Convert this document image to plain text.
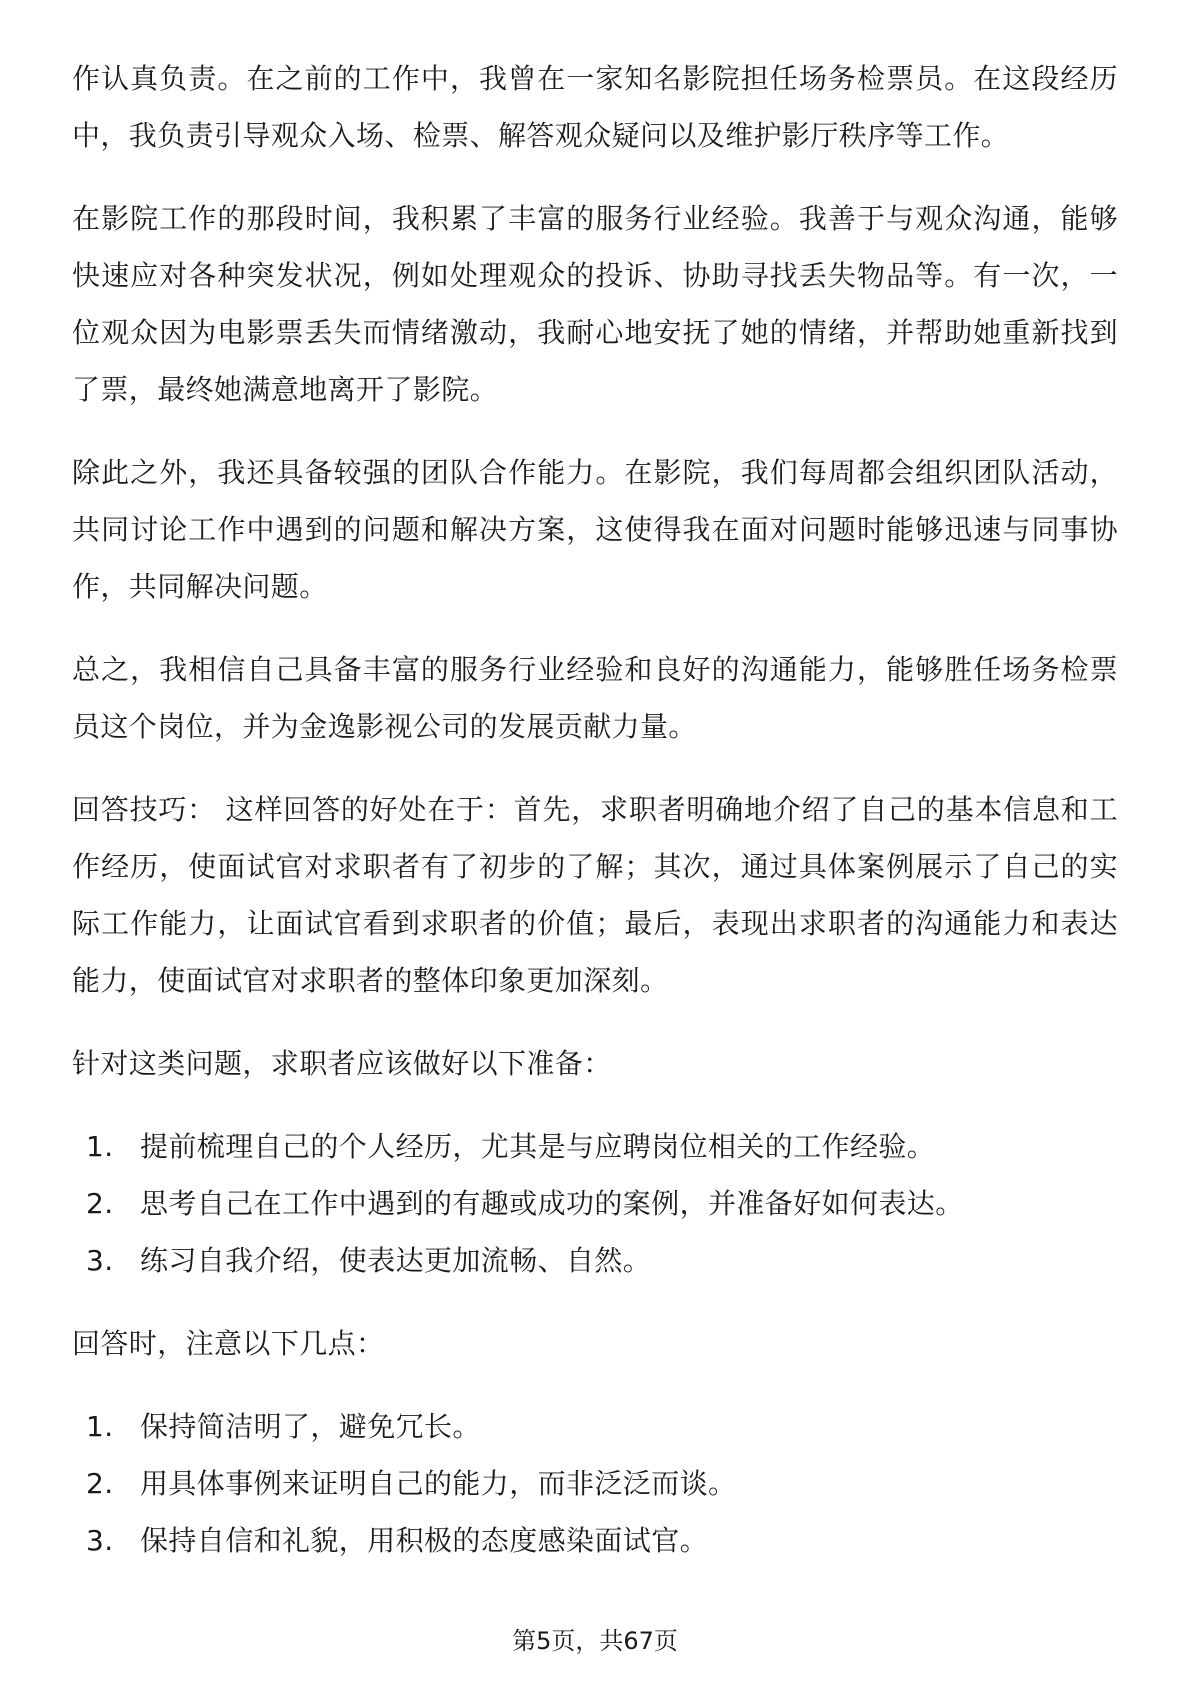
作认真负责。在之前的工作中，我曾在一家知名影院担任场务检票员。在这段经历中，我负责引导观众入场、检票、解答观众疑问以及维护影厅秩序等工作。

在影院工作的那段时间，我积累了丰富的服务行业经验。我善于与观众沟通，能够快速应对各种突发状况，例如处理观众的投诉、协助寻找丢失物品等。有一次，一位观众因为电影票丢失而情绪激动，我耐心地安抚了她的情绪，并帮助她重新找到了票，最终她满意地离开了影院。

除此之外，我还具备较强的团队合作能力。在影院，我们每周都会组织团队活动，共同讨论工作中遇到的问题和解决方案，这使得我在面对问题时能够迅速与同事协作，共同解决问题。

总之，我相信自己具备丰富的服务行业经验和良好的沟通能力，能够胜任场务检票员这个岗位，并为金逸影视公司的发展贡献力量。

回答技巧： 这样回答的好处在于：首先，求职者明确地介绍了自己的基本信息和工作经历，使面试官对求职者有了初步的了解；其次，通过具体案例展示了自己的实际工作能力，让面试官看到求职者的价值；最后，表现出求职者的沟通能力和表达能力，使面试官对求职者的整体印象更加深刻。

针对这类问题，求职者应该做好以下准备：

1. 提前梳理自己的个人经历，尤其是与应聘岗位相关的工作经验。
2. 思考自己在工作中遇到的有趣或成功的案例，并准备好如何表达。
3. 练习自我介绍，使表达更加流畅、自然。

回答时，注意以下几点：

1. 保持简洁明了，避免冗长。
2. 用具体事例来证明自己的能力，而非泛泛而谈。
3. 保持自信和礼貌，用积极的态度感染面试官。
第5页，共67页
